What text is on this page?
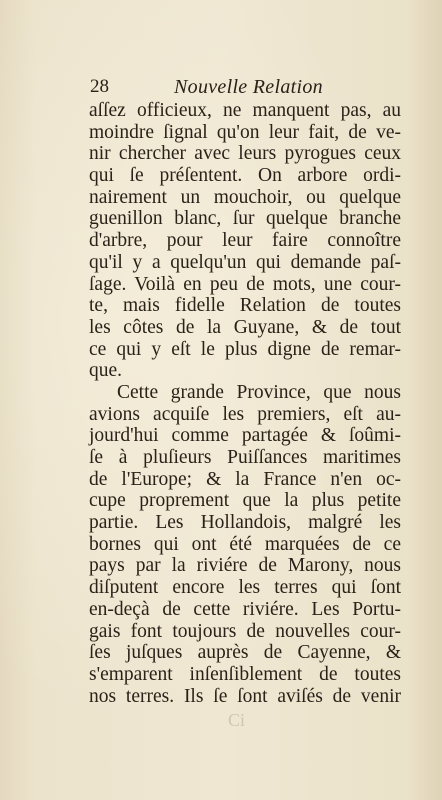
28	Nouvelle Relation
aſſez officieux, ne manquent pas, au
moindre ſignal qu'on leur fait, de ve-
nir chercher avec leurs pyrogues ceux
qui ſe préſentent. On arbore ordi-
nairement un mouchoir, ou quelque
guenillon blanc, ſur quelque branche
d'arbre, pour leur faire connoître
qu'il y a quelqu'un qui demande paſ-
ſage. Voilà en peu de mots, une cour-
te, mais fidelle Relation de toutes
les côtes de la Guyane, & de tout
ce qui y eſt le plus digne de remar-
que.
Cette grande Province, que nous
avions acquiſe les premiers, eſt au-
jourd'hui comme partagée & ſoûmi-
ſe à pluſieurs Puiſſances maritimes
de l'Europe; & la France n'en oc-
cupe proprement que la plus petite
partie. Les Hollandois, malgré les
bornes qui ont été marquées de ce
pays par la riviére de Marony, nous
diſputent encore les terres qui ſont
en-deçà de cette riviére. Les Portu-
gais font toujours de nouvelles cour-
ſes juſques auprès de Cayenne, &
s'emparent inſenſiblement de toutes
nos terres. Ils ſe ſont aviſés de venir
Ci
